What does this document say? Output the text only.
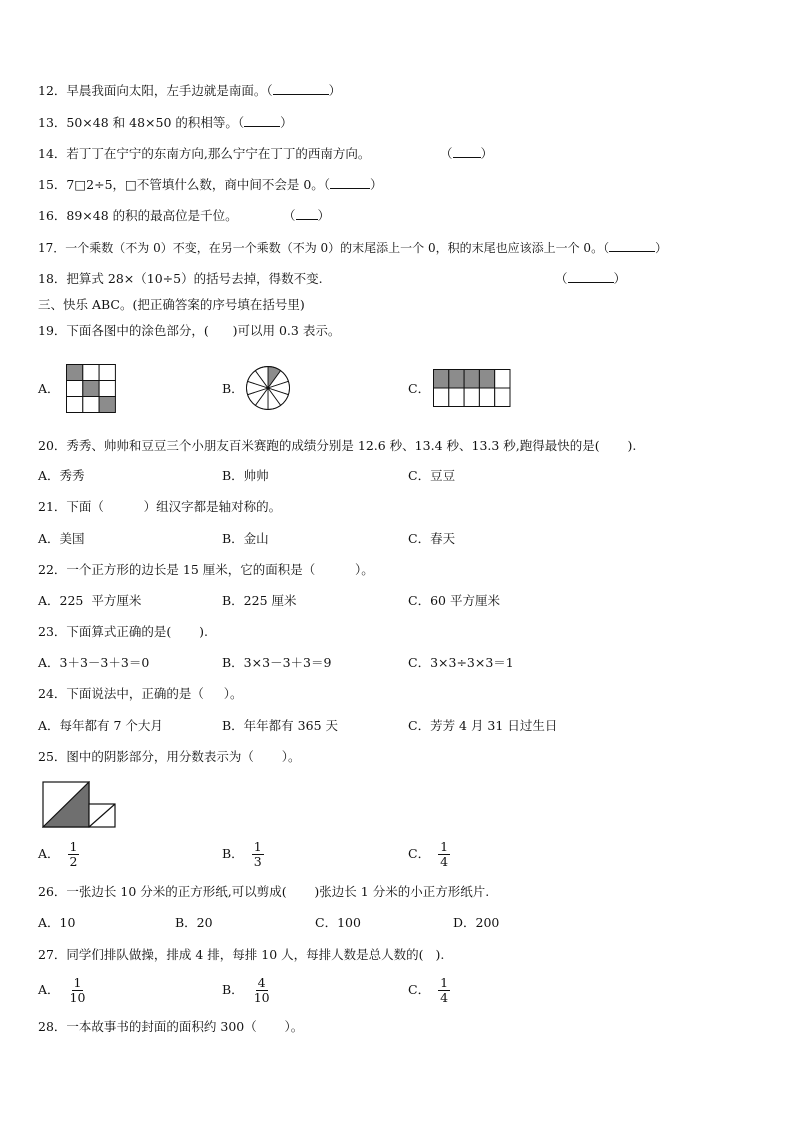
12．早晨我面向太阳，左手边就是南面。（	）
13．50×48 和 48×50 的积相等。（	）
14．若丁丁在宁宁的东南方向,那么宁宁在丁丁的西南方向。	（ ）
15．7□2÷5，□不管填什么数，商中间不会是 0。（	）
16．89×48 的积的最高位是千位。	（ ）
17．一个乘数（不为 0）不变，在另一个乘数（不为 0）的末尾添上一个 0，积的末尾也应该添上一个 0。（	）
18．把算式 28×（10÷5）的括号去掉，得数不变.	（	）
三、快乐 ABC。(把正确答案的序号填在括号里)
19．下面各图中的涂色部分，(      )可以用 0.3 表示。
A．	B．	C．
20．秀秀、帅帅和豆豆三个小朋友百米赛跑的成绩分别是 12.6 秒、13.4 秒、13.3 秒,跑得最快的是(       ).
A．秀秀	B．帅帅	C．豆豆
21．下面（          ）组汉字都是轴对称的。
A．美国	B．金山	C．春天
22．一个正方形的边长是 15 厘米，它的面积是（          ）。
A．225  平方厘米	B．225 厘米	C．60 平方厘米
23．下面算式正确的是(       ).
A．3＋3－3＋3＝0	B．3×3－3＋3＝9	C．3×3÷3×3＝1
24．下面说法中，正确的是（     ）。
A．每年都有 7 个大月	B．年年都有 365 天	C．芳芳 4 月 31 日过生日
25．图中的阴影部分，用分数表示为（       ）。
A． $\frac{1}{2}$	B． $\frac{1}{3}$	C． $\frac{1}{4}$
26．一张边长 10 分米的正方形纸,可以剪成(       )张边长 1 分米的小正方形纸片.
A．10	B．20	C．100	D．200
27．同学们排队做操，排成 4 排，每排 10 人，每排人数是总人数的(   ).
A． $\frac{1}{10}$	B． $\frac{4}{10}$	C． $\frac{1}{4}$
28．一本故事书的封面的面积约 300（       ）。
